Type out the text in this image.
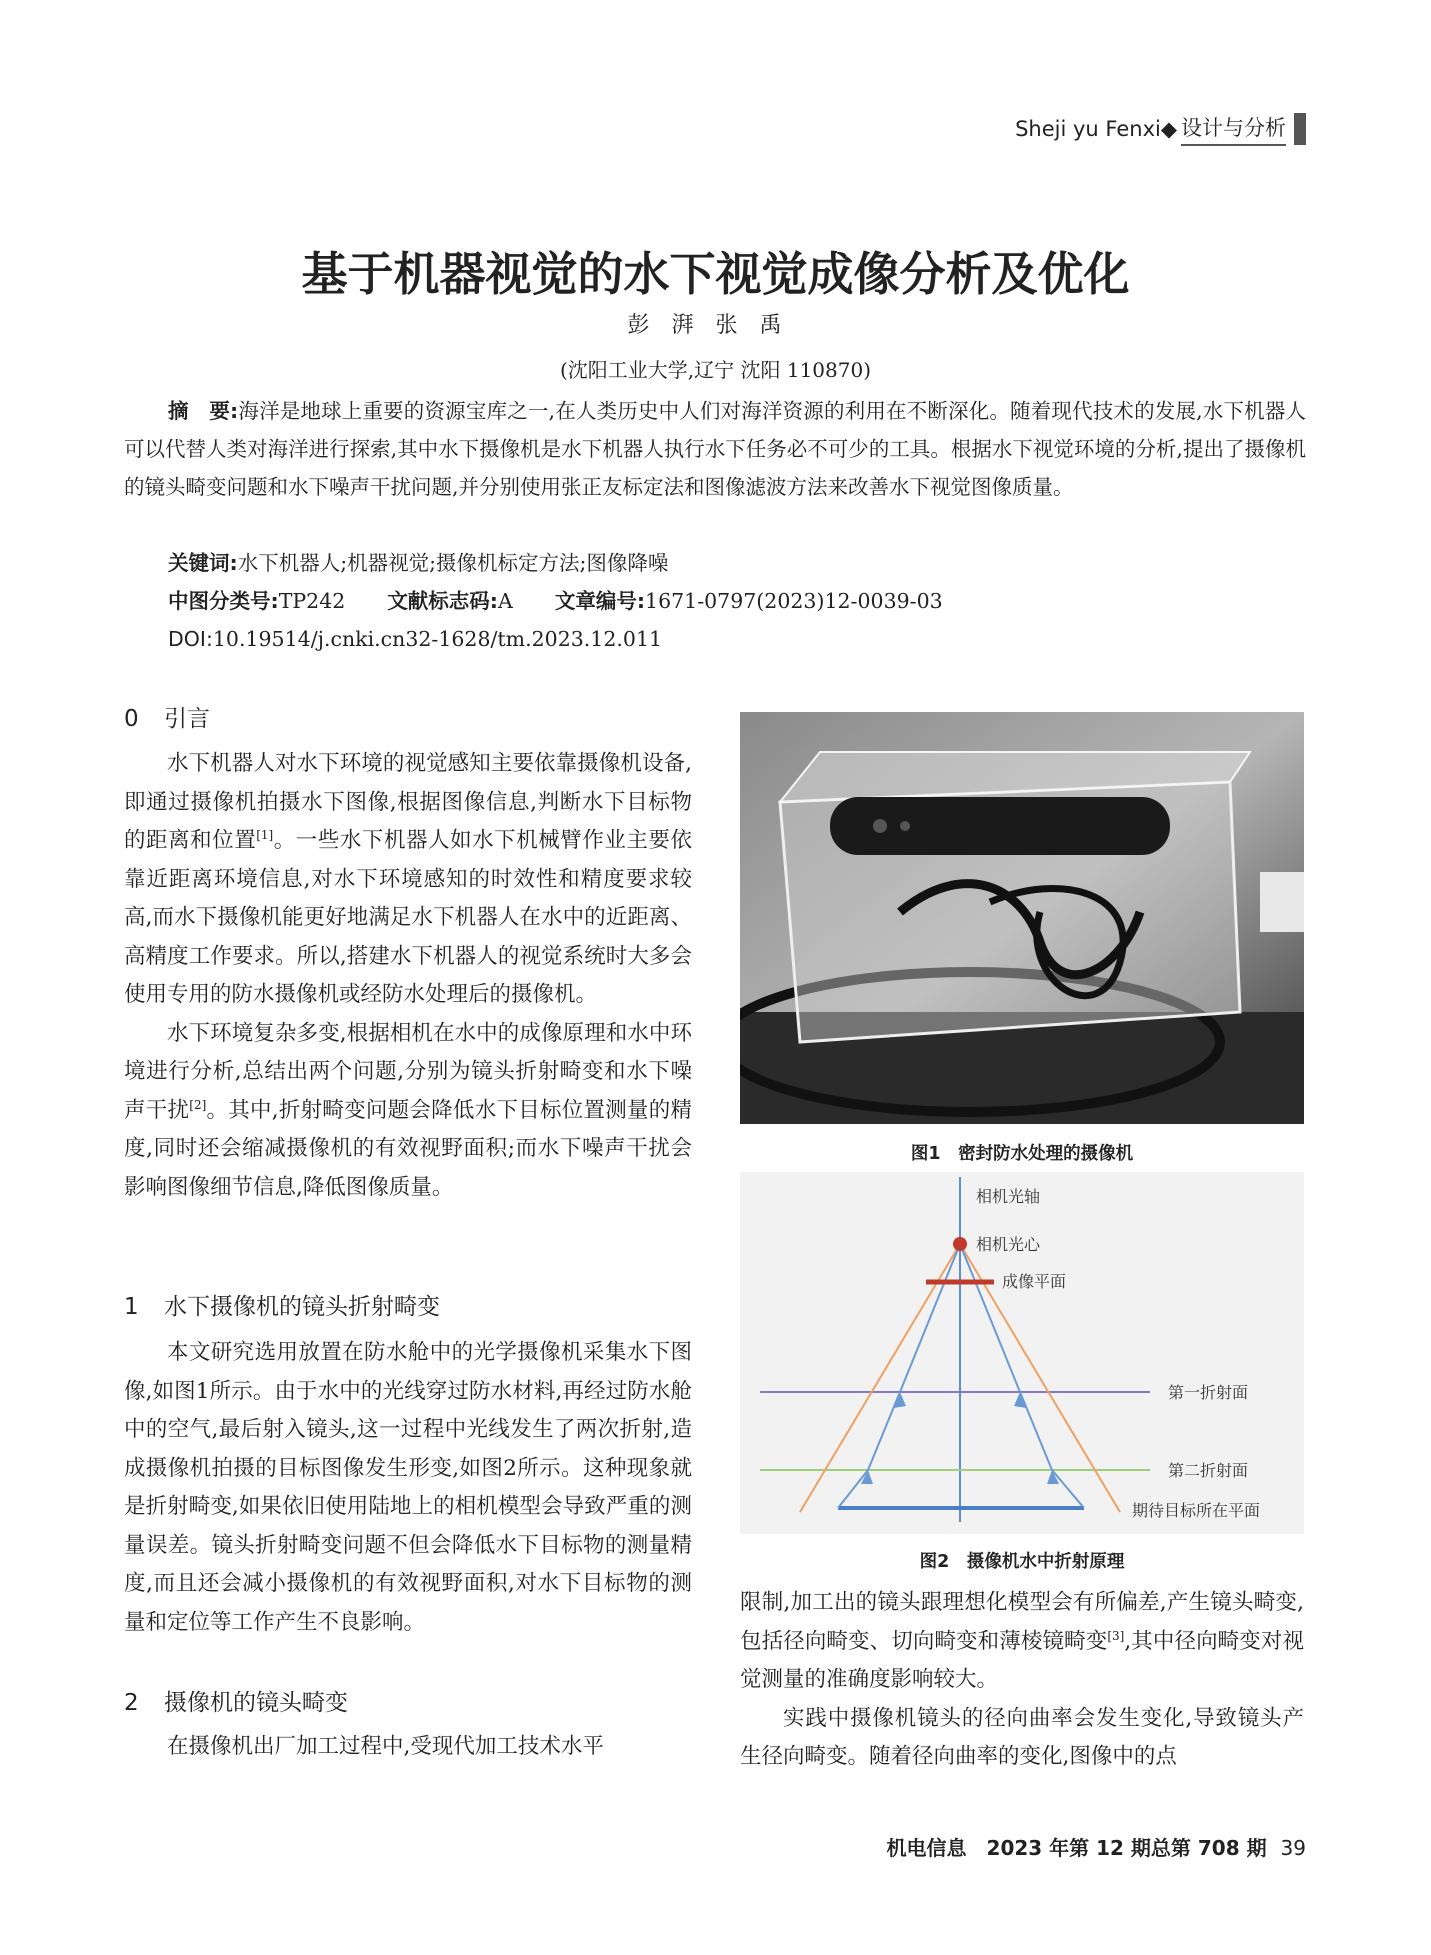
Sheji yu Fenxi ◆ 设计与分析
基于机器视觉的水下视觉成像分析及优化
彭湃张禹
(沈阳工业大学,辽宁 沈阳 110870)
摘　要:海洋是地球上重要的资源宝库之一,在人类历史中人们对海洋资源的利用在不断深化。随着现代技术的发展,水下机器人可以代替人类对海洋进行探索,其中水下摄像机是水下机器人执行水下任务必不可少的工具。根据水下视觉环境的分析,提出了摄像机的镜头畸变问题和水下噪声干扰问题,并分别使用张正友标定法和图像滤波方法来改善水下视觉图像质量。
关键词:水下机器人;机器视觉;摄像机标定方法;图像降噪
中图分类号:TP242 文献标志码:A 文章编号:1671-0797(2023)12-0039-03
DOI:10.19514/j.cnki.cn32-1628/tm.2023.12.011
0 引言

水下机器人对水下环境的视觉感知主要依靠摄像机设备,即通过摄像机拍摄水下图像,根据图像信息,判断水下目标物的距离和位置[1]。一些水下机器人如水下机械臂作业主要依靠近距离环境信息,对水下环境感知的时效性和精度要求较高,而水下摄像机能更好地满足水下机器人在水中的近距离、高精度工作要求。所以,搭建水下机器人的视觉系统时大多会使用专用的防水摄像机或经防水处理后的摄像机。

水下环境复杂多变,根据相机在水中的成像原理和水中环境进行分析,总结出两个问题,分别为镜头折射畸变和水下噪声干扰[2]。其中,折射畸变问题会降低水下目标位置测量的精度,同时还会缩减摄像机的有效视野面积;而水下噪声干扰会影响图像细节信息,降低图像质量。

1 水下摄像机的镜头折射畸变

本文研究选用放置在防水舱中的光学摄像机采集水下图像,如图1所示。由于水中的光线穿过防水材料,再经过防水舱中的空气,最后射入镜头,这一过程中光线发生了两次折射,造成摄像机拍摄的目标图像发生形变,如图2所示。这种现象就是折射畸变,如果依旧使用陆地上的相机模型会导致严重的测量误差。镜头折射畸变问题不但会降低水下目标物的测量精度,而且还会减小摄像机的有效视野面积,对水下目标物的测量和定位等工作产生不良影响。

2 摄像机的镜头畸变

在摄像机出厂加工过程中,受现代加工技术水平

图1　密封防水处理的摄像机
相机光轴
相机光心
成像平面
第一折射面
第二折射面
期待目标所在平面
图2　摄像机水中折射原理

限制,加工出的镜头跟理想化模型会有所偏差,产生镜头畸变,包括径向畸变、切向畸变和薄棱镜畸变[3],其中径向畸变对视觉测量的准确度影响较大。

实践中摄像机镜头的径向曲率会发生变化,导致镜头产生径向畸变。随着径向曲率的变化,图像中的点

机电信息　2023 年第 12 期总第 708 期 39
